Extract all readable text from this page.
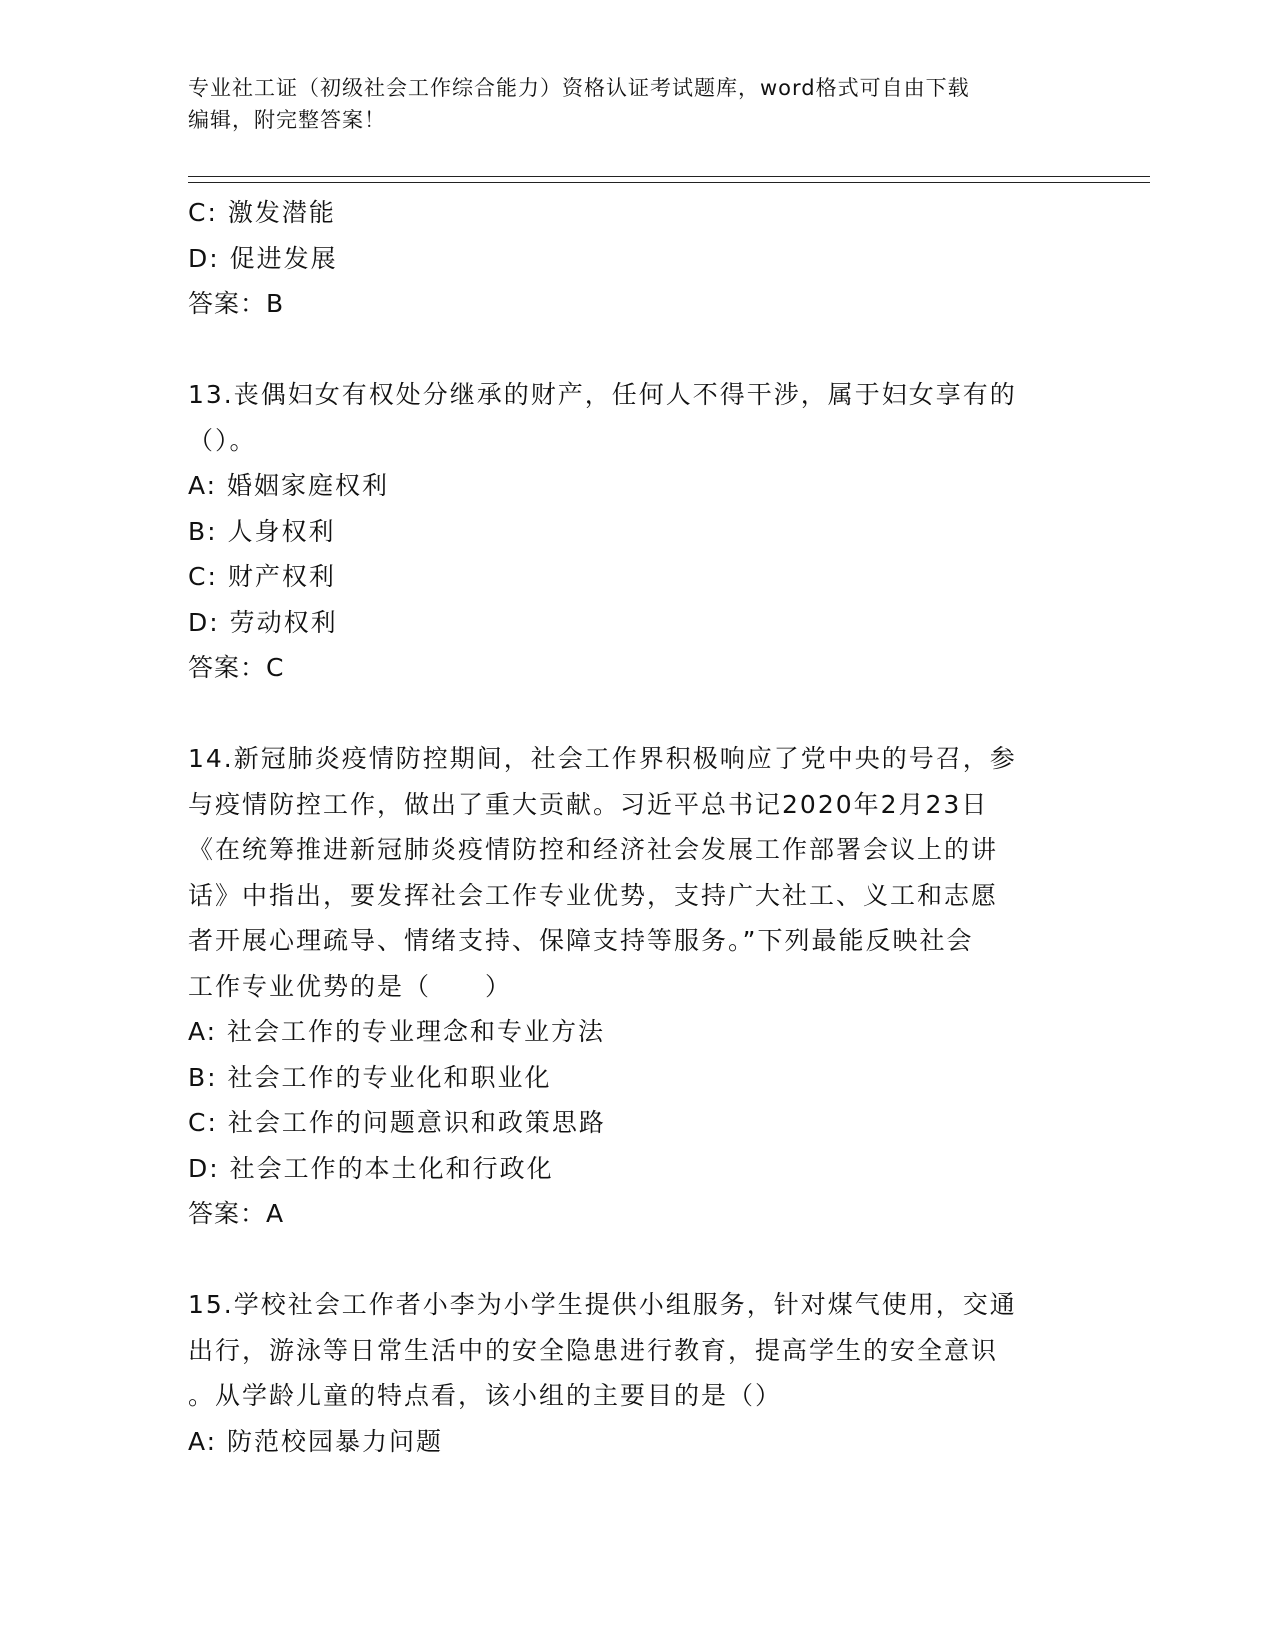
专业社工证（初级社会工作综合能力）资格认证考试题库，word格式可自由下载
编辑，附完整答案！
C: 激发潜能
D: 促进发展
答案：B
13.丧偶妇女有权处分继承的财产，任何人不得干涉，属于妇女享有的
（）。
A: 婚姻家庭权利
B: 人身权利
C: 财产权利
D: 劳动权利
答案：C
14.新冠肺炎疫情防控期间，社会工作界积极响应了党中央的号召，参
与疫情防控工作，做出了重大贡献。习近平总书记2020年2月23日
《在统筹推进新冠肺炎疫情防控和经济社会发展工作部署会议上的讲
话》中指出，要发挥社会工作专业优势，支持广大社工、义工和志愿
者开展心理疏导、情绪支持、保障支持等服务。”下列最能反映社会
工作专业优势的是（　　）
A: 社会工作的专业理念和专业方法
B: 社会工作的专业化和职业化
C: 社会工作的问题意识和政策思路
D: 社会工作的本土化和行政化
答案：A
15.学校社会工作者小李为小学生提供小组服务，针对煤气使用，交通
出行，游泳等日常生活中的安全隐患进行教育，提高学生的安全意识
。从学龄儿童的特点看，该小组的主要目的是（）
A: 防范校园暴力问题
